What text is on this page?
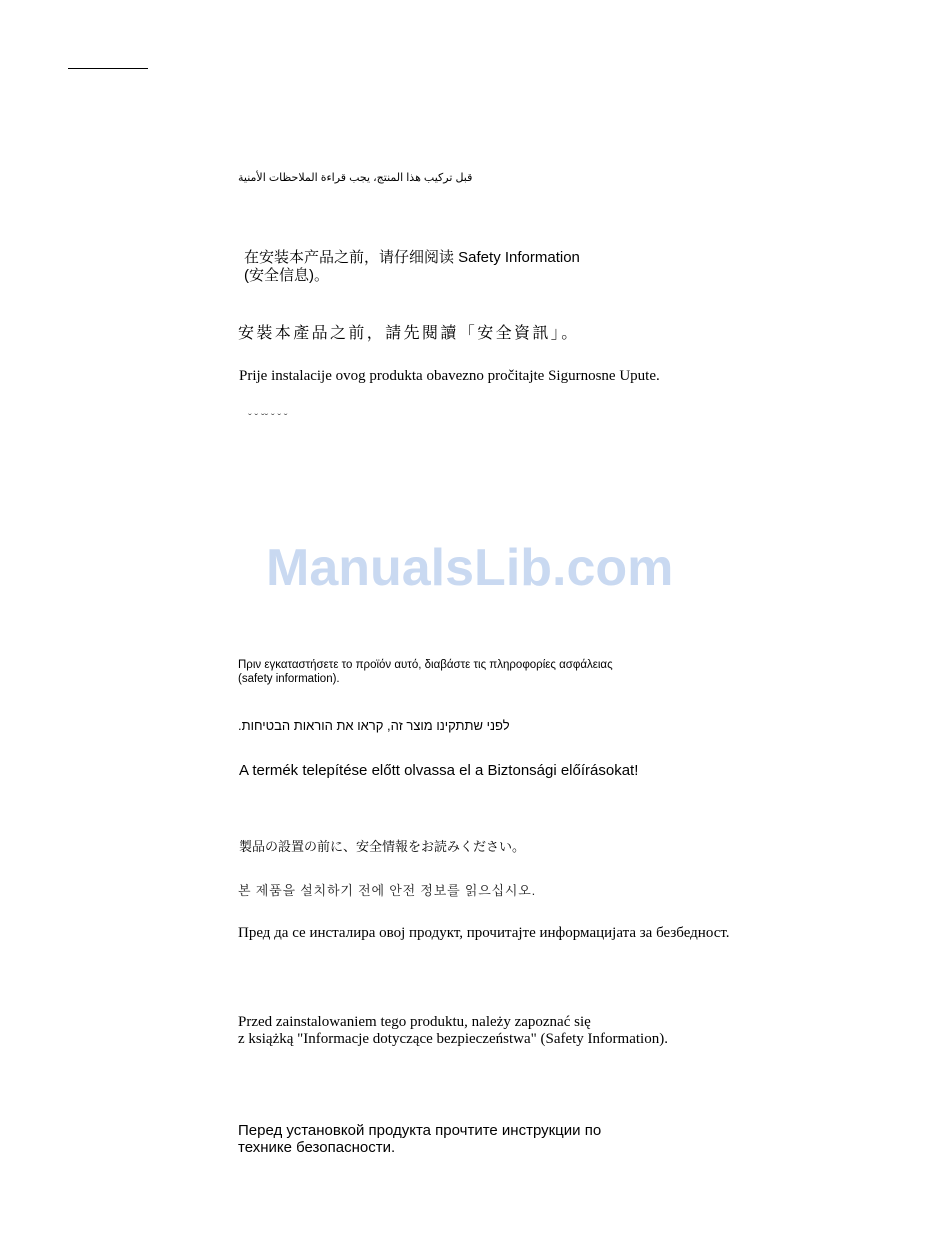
قبل تركيب هذا المنتج، يجب قراءة الملاحظات الأمنية

在安装本产品之前，请仔细阅读 Safety Information

(安全信息)。

安裝本產品之前，請先閱讀「安全資訊」。

Prije instalacije ovog produkta obavezno pročitajte Sigurnosne Upute.

ˇ ˇ ˇˇ ˇ ˇ ˇ

ManualsLib.com

Πριν εγκαταστήσετε το προϊόν αυτό, διαβάστε τις πληροφορίες ασφάλειας

(safety information).

לפני שתתקינו מוצר זה, קראו את הוראות הבטיחות.

A termék telepítése előtt olvassa el a Biztonsági előírásokat!

製品の設置の前に、安全情報をお読みください。

본 제품을 설치하기 전에 안전 정보를 읽으십시오.

Пред да се инсталира овој продукт, прочитајте информацијата за безбедност.

Przed zainstalowaniem tego produktu, należy zapoznać się

z książką "Informacje dotyczące bezpieczeństwa" (Safety Information).

Перед установкой продукта прочтите инструкции по

технике безопасности.
